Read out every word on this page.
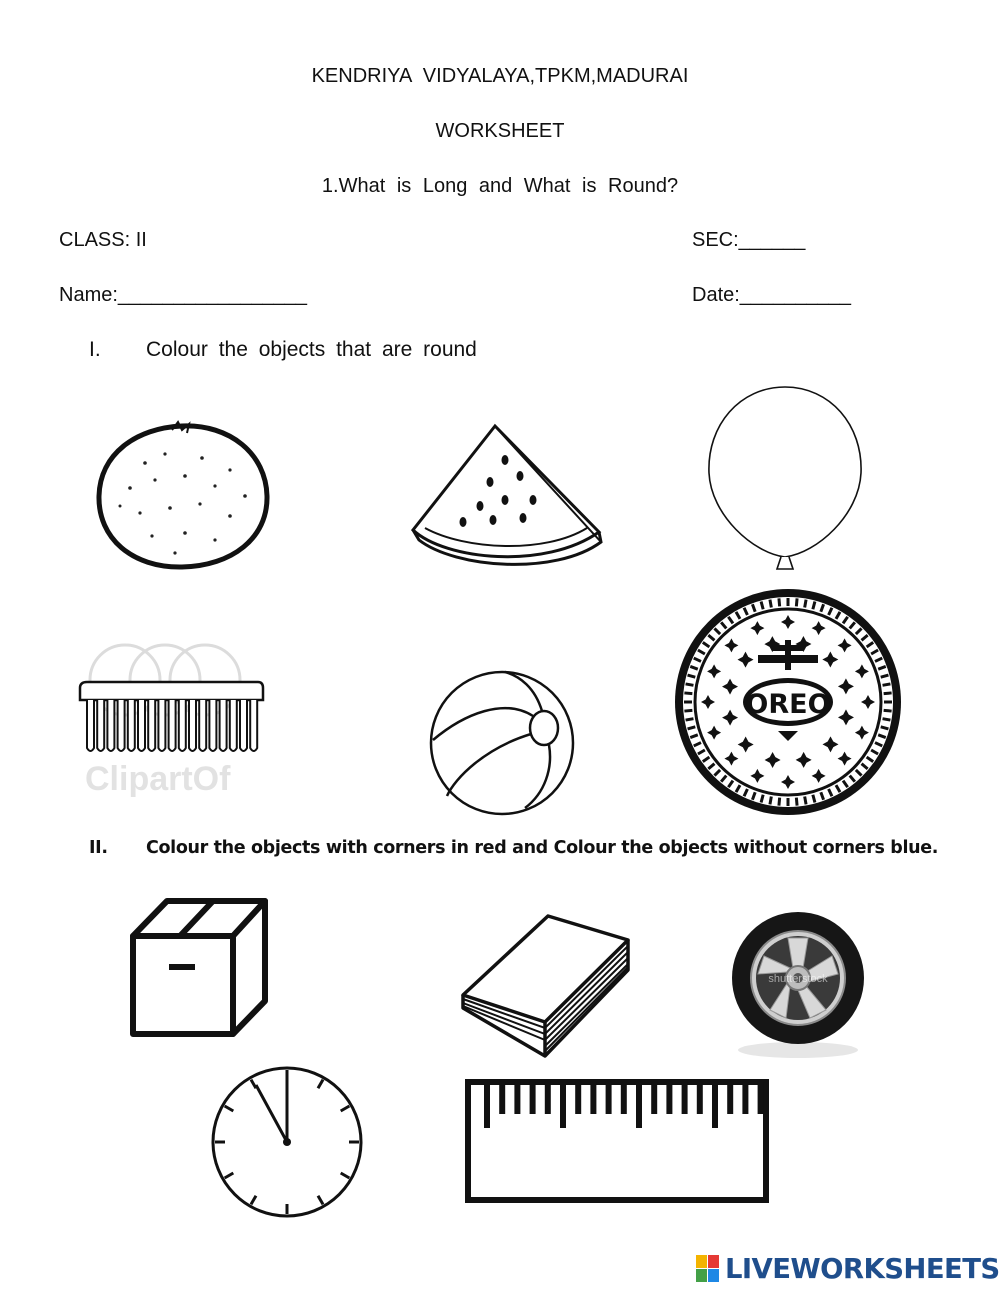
KENDRIYA VIDYALAYA,TPKM,MADURAI
WORKSHEET
1.What is Long and What is Round?
CLASS: II	SEC:______
Name:_________________	Date:__________
I. Colour the objects that are round
ClipartOf
OREO
II. Colour the objects with corners in red and Colour the objects without corners blue.
shutterstock
LIVEWORKSHEETS
